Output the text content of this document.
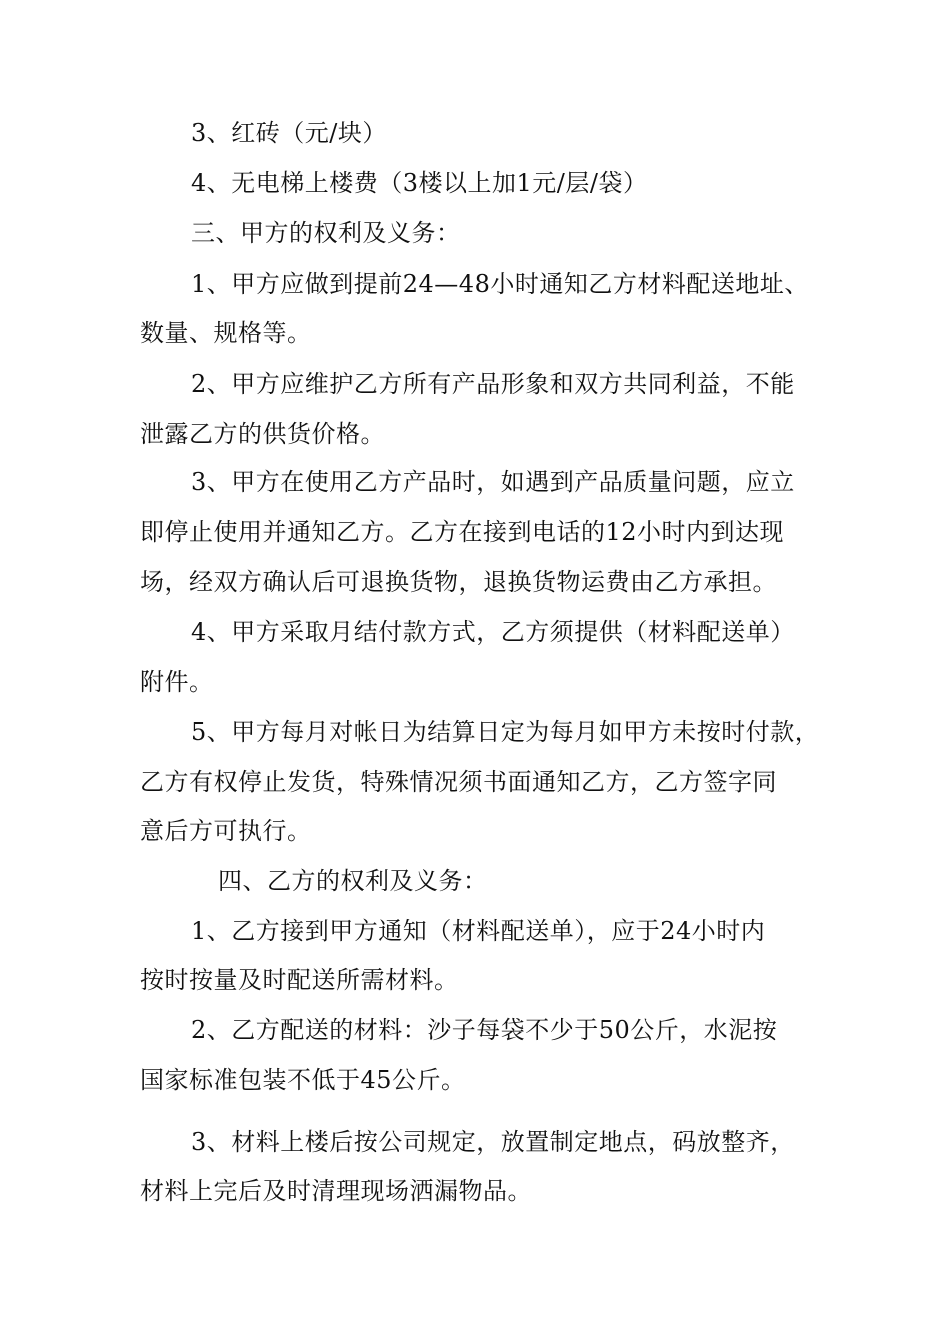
3、红砖（元/块）
4、无电梯上楼费（3楼以上加1元/层/袋）
三、甲方的权利及义务：
1、甲方应做到提前24—48小时通知乙方材料配送地址、
数量、规格等。
2、甲方应维护乙方所有产品形象和双方共同利益，不能
泄露乙方的供货价格。
3、甲方在使用乙方产品时，如遇到产品质量问题，应立
即停止使用并通知乙方。乙方在接到电话的12小时内到达现
场，经双方确认后可退换货物，退换货物运费由乙方承担。
4、甲方采取月结付款方式，乙方须提供（材料配送单）
附件。
5、甲方每月对帐日为结算日定为每月如甲方未按时付款，
乙方有权停止发货，特殊情况须书面通知乙方，乙方签字同
意后方可执行。
四、乙方的权利及义务：
1、乙方接到甲方通知（材料配送单），应于24小时内
按时按量及时配送所需材料。
2、乙方配送的材料：沙子每袋不少于50公斤，水泥按
国家标准包装不低于45公斤。
3、材料上楼后按公司规定，放置制定地点，码放整齐，
材料上完后及时清理现场洒漏物品。
